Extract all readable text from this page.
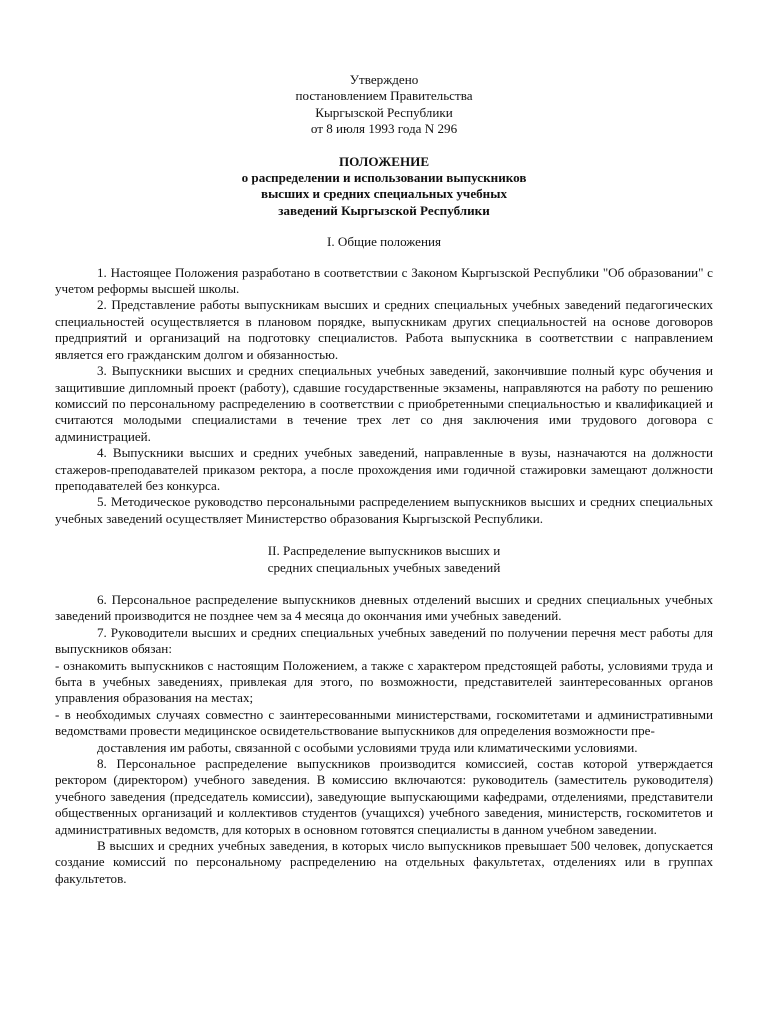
Утверждено
постановлением Правительства
Кыргызской Республики
от 8 июля 1993 года N 296
ПОЛОЖЕНИЕ
о распределении и использовании выпускников
высших и средних специальных учебных
заведений Кыргызской Республики
I. Общие положения

1. Настоящее Положения разработано в соответствии с Законом Кыргызской Республики "Об образовании" с учетом реформы высшей школы.

2. Представление работы выпускникам высших и средних специальных учебных заведений педагогических специальностей осуществляется в плановом порядке, выпускникам других специальностей на основе договоров предприятий и организаций на подготовку специалистов. Работа выпускника в соответствии с направлением является его гражданским долгом и обязанностью.

3. Выпускники высших и средних специальных учебных заведений, закончившие полный курс обучения и защитившие дипломный проект (работу), сдавшие государственные экзамены, направляются на работу по решению комиссий по персональному распределению в соответствии с приобретенными специальностью и квалификацией и считаются молодыми специалистами в течение трех лет со дня заключения ими трудового договора с администрацией.

4. Выпускники высших и средних учебных заведений, направленные в вузы, назначаются на должности стажеров-преподавателей приказом ректора, а после прохождения ими годичной стажировки замещают должности преподавателей без конкурса.

5. Методическое руководство персональными распределением выпускников высших и средних специальных учебных заведений осуществляет Министерство образования Кыргызской Республики.

II. Распределение выпускников высших и
средних специальных учебных заведений

6. Персональное распределение выпускников дневных отделений высших и средних специальных учебных заведений производится не позднее чем за 4 месяца до окончания ими учебных заведений.

7. Руководители высших и средних специальных учебных заведений по получении перечня мест работы для выпускников обязан:

- ознакомить выпускников с настоящим Положением, а также с характером предстоящей работы, условиями труда и быта в учебных заведениях, привлекая для этого, по возможности, представителей заинтересованных органов управления образования на местах;

- в необходимых случаях совместно с заинтересованными министерствами, госкомитетами и административными ведомствами провести медицинское освидетельствование выпускников для определения возможности пре-

доставления им работы, связанной с особыми условиями труда или климатическими условиями.

8. Персональное распределение выпускников производится комиссией, состав которой утверждается ректором (директором) учебного заведения. В комиссию включаются: руководитель (заместитель руководителя) учебного заведения (председатель комиссии), заведующие выпускающими кафедрами, отделениями, представители общественных организаций и коллективов студентов (учащихся) учебного заведения, министерств, госкомитетов и административных ведомств, для которых в основном готовятся специалисты в данном учебном заведении.

В высших и средних учебных заведения, в которых число выпускников превышает 500 человек, допускается создание комиссий по персональному распределению на отдельных факультетах, отделениях или в группах факультетов.
